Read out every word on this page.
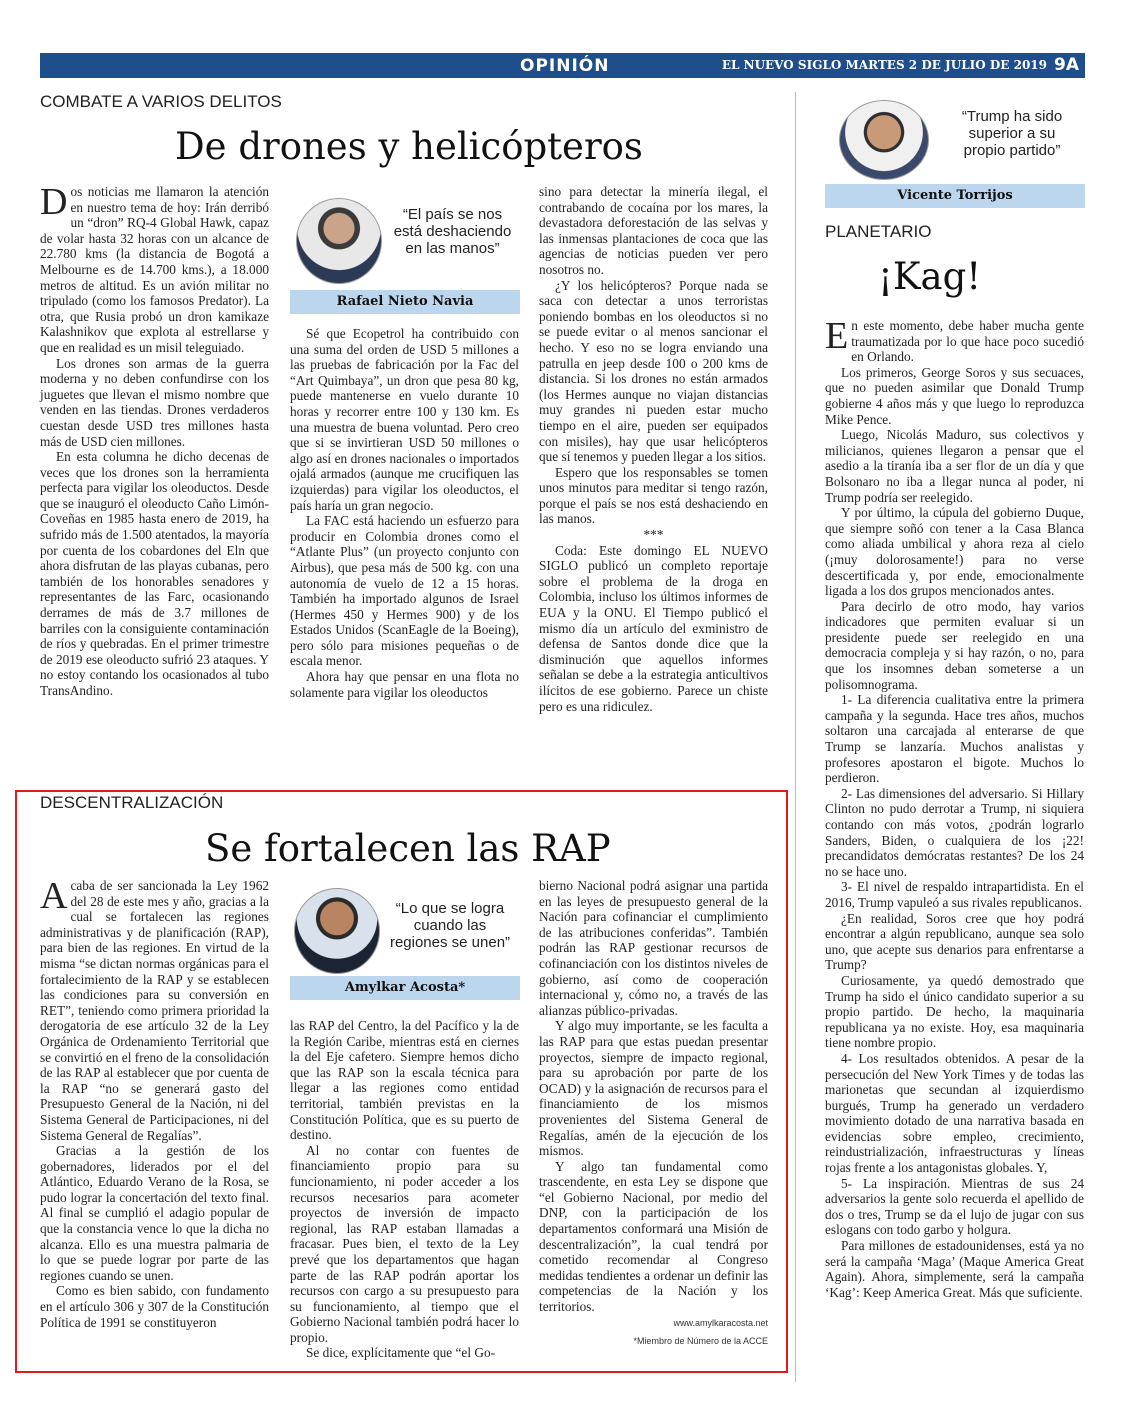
OPINIÓN	EL NUEVO SIGLO MARTES 2 DE JULIO DE 2019 9A
COMBATE A VARIOS DELITOS
De drones y helicópteros

Dos noticias me llamaron la atención en nuestro tema de hoy: Irán derribó un “dron” RQ-4 Global Hawk, capaz de volar hasta 32 horas con un alcance de 22.780 kms (la distancia de Bogotá a Melbourne es de 14.700 kms.), a 18.000 metros de altitud. Es un avión militar no tripulado (como los famosos Predator). La otra, que Rusia probó un dron kamikaze Kalashnikov que explota al estrellarse y que en realidad es un misil teleguiado.

Los drones son armas de la guerra moderna y no deben confundirse con los juguetes que llevan el mismo nombre que venden en las tiendas. Drones verdaderos cuestan desde USD tres millones hasta más de USD cien millones.

En esta columna he dicho decenas de veces que los drones son la herramienta perfecta para vigilar los oleoductos. Desde que se inauguró el oleoducto Caño Limón-Coveñas en 1985 hasta enero de 2019, ha sufrido más de 1.500 atentados, la mayoría por cuenta de los cobardones del Eln que ahora disfrutan de las playas cubanas, pero también de los honorables senadores y representantes de las Farc, ocasionando derrames de más de 3.7 millones de barriles con la consiguiente contaminación de ríos y quebradas. En el primer trimestre de 2019 ese oleoducto sufrió 23 ataques. Y no estoy contando los ocasionados al tubo TransAndino.

“El país se nos está deshaciendo en las manos”
Rafael Nieto Navia

Sé que Ecopetrol ha contribuido con una suma del orden de USD 5 millones a las pruebas de fabricación por la Fac del “Art Quimbaya”, un dron que pesa 80 kg, puede mantenerse en vuelo durante 10 horas y recorrer entre 100 y 130 km. Es una muestra de buena voluntad. Pero creo que si se invirtieran USD 50 millones o algo así en drones nacionales o importados ojalá armados (aunque me crucifiquen las izquierdas) para vigilar los oleoductos, el país haría un gran negocio.

La FAC está haciendo un esfuerzo para producir en Colombia drones como el “Atlante Plus” (un proyecto conjunto con Airbus), que pesa más de 500 kg. con una autonomía de vuelo de 12 a 15 horas. También ha importado algunos de Israel (Hermes 450 y Hermes 900) y de los Estados Unidos (ScanEagle de la Boeing), pero sólo para misiones pequeñas o de escala menor.

Ahora hay que pensar en una flota no solamente para vigilar los oleoductos

sino para detectar la minería ilegal, el contrabando de cocaína por los mares, la devastadora deforestación de las selvas y las inmensas plantaciones de coca que las agencias de noticias pueden ver pero nosotros no.

¿Y los helicópteros? Porque nada se saca con detectar a unos terroristas poniendo bombas en los oleoductos si no se puede evitar o al menos sancionar el hecho. Y eso no se logra enviando una patrulla en jeep desde 100 o 200 kms de distancia. Si los drones no están armados (los Hermes aunque no viajan distancias muy grandes ni pueden estar mucho tiempo en el aire, pueden ser equipados con misiles), hay que usar helicópteros que sí tenemos y pueden llegar a los sitios.

Espero que los responsables se tomen unos minutos para meditar si tengo razón, porque el país se nos está deshaciendo en las manos.

***

Coda: Este domingo EL NUEVO SIGLO publicó un completo reportaje sobre el problema de la droga en Colombia, incluso los últimos informes de EUA y la ONU. El Tiempo publicó el mismo día un artículo del exministro de defensa de Santos donde dice que la disminución que aquellos informes señalan se debe a la estrategia anticultivos ilícitos de ese gobierno. Parece un chiste pero es una ridiculez.

DESCENTRALIZACIÓN
Se fortalecen las RAP

Acaba de ser sancionada la Ley 1962 del 28 de este mes y año, gracias a la cual se fortalecen las regiones administrativas y de planificación (RAP), para bien de las regiones. En virtud de la misma “se dictan normas orgánicas para el fortalecimiento de la RAP y se establecen las condiciones para su conversión en RET”, teniendo como primera prioridad la derogatoria de ese artículo 32 de la Ley Orgánica de Ordenamiento Territorial que se convirtió en el freno de la consolidación de las RAP al establecer que por cuenta de la RAP “no se generará gasto del Presupuesto General de la Nación, ni del Sistema General de Participaciones, ni del Sistema General de Regalías”.

Gracias a la gestión de los gobernadores, liderados por el del Atlántico, Eduardo Verano de la Rosa, se pudo lograr la concertación del texto final. Al final se cumplió el adagio popular de que la constancia vence lo que la dicha no alcanza. Ello es una muestra palmaria de lo que se puede lograr por parte de las regiones cuando se unen.

Como es bien sabido, con fundamento en el artículo 306 y 307 de la Constitución Política de 1991 se constituyeron

“Lo que se logra cuando las regiones se unen”
Amylkar Acosta*

las RAP del Centro, la del Pacífico y la de la Región Caribe, mientras está en ciernes la del Eje cafetero. Siempre hemos dicho que las RAP son la escala técnica para llegar a las regiones como entidad territorial, también previstas en la Constitución Política, que es su puerto de destino.

Al no contar con fuentes de financiamiento propio para su funcionamiento, ni poder acceder a los recursos necesarios para acometer proyectos de inversión de impacto regional, las RAP estaban llamadas a fracasar. Pues bien, el texto de la Ley prevé que los departamentos que hagan parte de las RAP podrán aportar los recursos con cargo a su presupuesto para su funcionamiento, al tiempo que el Gobierno Nacional también podrá hacer lo propio.

Se dice, explícitamente que “el Go-

bierno Nacional podrá asignar una partida en las leyes de presupuesto general de la Nación para cofinanciar el cumplimiento de las atribuciones conferidas”. También podrán las RAP gestionar recursos de cofinanciación con los distintos niveles de gobierno, así como de cooperación internacional y, cómo no, a través de las alianzas público-privadas.

Y algo muy importante, se les faculta a las RAP para que estas puedan presentar proyectos, siempre de impacto regional, para su aprobación por parte de los OCAD) y la asignación de recursos para el financiamiento de los mismos provenientes del Sistema General de Regalías, amén de la ejecución de los mismos.

Y algo tan fundamental como trascendente, en esta Ley se dispone que “el Gobierno Nacional, por medio del DNP, con la participación de los departamentos conformará una Misión de descentralización”, la cual tendrá por cometido recomendar al Congreso medidas tendientes a ordenar un definir las competencias de la Nación y los territorios.

www.amylkaracosta.net
*Miembro de Número de la ACCE
“Trump ha sido superior a su propio partido”
Vicente Torrijos
PLANETARIO
¡Kag!

En este momento, debe haber mucha gente traumatizada por lo que hace poco sucedió en Orlando.

Los primeros, George Soros y sus secuaces, que no pueden asimilar que Donald Trump gobierne 4 años más y que luego lo reproduzca Mike Pence.

Luego, Nicolás Maduro, sus colectivos y milicianos, quienes llegaron a pensar que el asedio a la tiranía iba a ser flor de un día y que Bolsonaro no iba a llegar nunca al poder, ni Trump podría ser reelegido.

Y por último, la cúpula del gobierno Duque, que siempre soñó con tener a la Casa Blanca como aliada umbilical y ahora reza al cielo (¡muy dolorosamente!) para no verse descertificada y, por ende, emocionalmente ligada a los dos grupos mencionados antes.

Para decirlo de otro modo, hay varios indicadores que permiten evaluar si un presidente puede ser reelegido en una democracia compleja y si hay razón, o no, para que los insomnes deban someterse a un polisomnograma.

1- La diferencia cualitativa entre la primera campaña y la segunda. Hace tres años, muchos soltaron una carcajada al enterarse de que Trump se lanzaría. Muchos analistas y profesores apostaron el bigote. Muchos lo perdieron.

2- Las dimensiones del adversario. Si Hillary Clinton no pudo derrotar a Trump, ni siquiera contando con más votos, ¿podrán lograrlo Sanders, Biden, o cualquiera de los ¡22! precandidatos demócratas restantes? De los 24 no se hace uno.

3- El nivel de respaldo intrapartidista. En el 2016, Trump vapuleó a sus rivales republicanos.

¿En realidad, Soros cree que hoy podrá encontrar a algún republicano, aunque sea solo uno, que acepte sus denarios para enfrentarse a Trump?

Curiosamente, ya quedó demostrado que Trump ha sido el único candidato superior a su propio partido. De hecho, la maquinaria republicana ya no existe. Hoy, esa maquinaria tiene nombre propio.

4- Los resultados obtenidos. A pesar de la persecución del New York Times y de todas las marionetas que secundan al izquierdismo burgués, Trump ha generado un verdadero movimiento dotado de una narrativa basada en evidencias sobre empleo, crecimiento, reindustrialización, infraestructuras y líneas rojas frente a los antagonistas globales. Y,

5- La inspiración. Mientras de sus 24 adversarios la gente solo recuerda el apellido de dos o tres, Trump se da el lujo de jugar con sus eslogans con todo garbo y holgura.

Para millones de estadounidenses, está ya no será la campaña ‘Maga’ (Maque America Great Again). Ahora, simplemente, será la campaña ‘Kag’: Keep America Great. Más que suficiente.
